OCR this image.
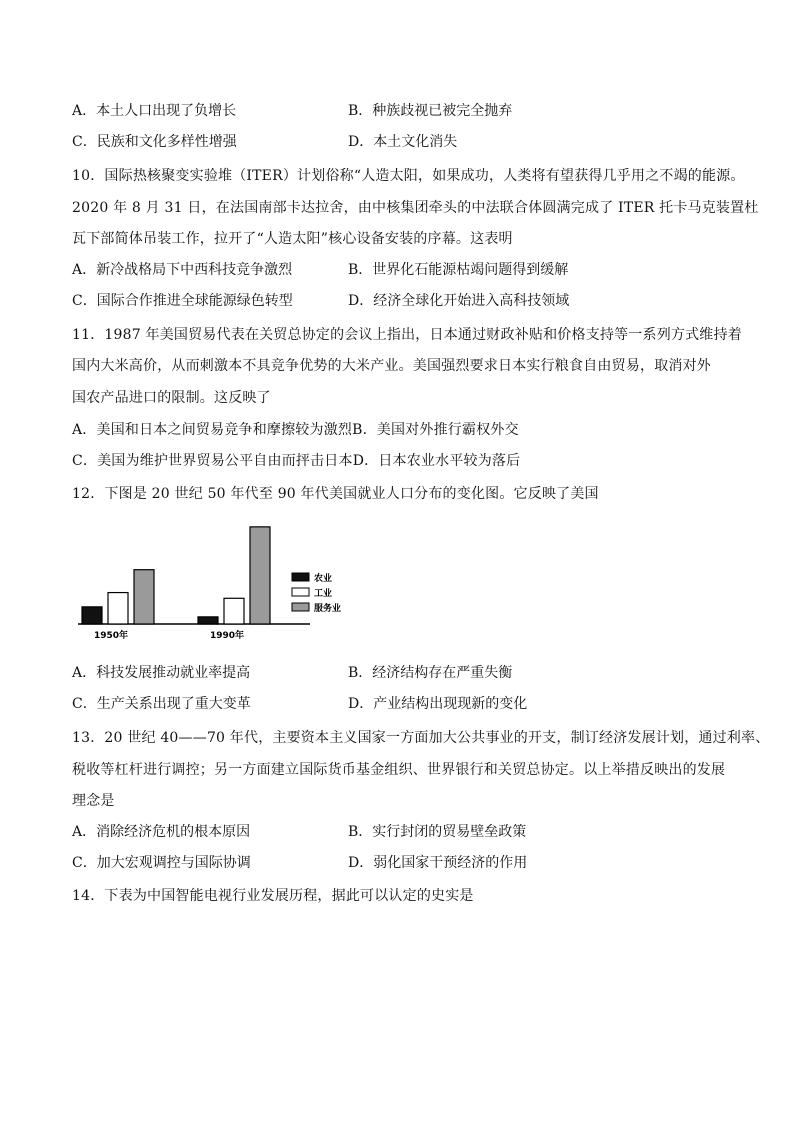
A．本土人口出现了负增长	B．种族歧视已被完全抛弃
C．民族和文化多样性增强	D．本土文化消失
10．国际热核聚变实验堆（ITER）计划俗称“人造太阳，如果成功，人类将有望获得几乎用之不竭的能源。
2020 年 8 月 31 日，在法国南部卡达拉舍，由中核集团牵头的中法联合体圆满完成了 ITER 托卡马克装置杜
瓦下部简体吊装工作，拉开了“人造太阳”核心设备安装的序幕。这表明
A．新冷战格局下中西科技竞争激烈	B．世界化石能源枯竭问题得到缓解
C．国际合作推进全球能源绿色转型	D．经济全球化开始进入高科技领域
11．1987 年美国贸易代表在关贸总协定的会议上指出，日本通过财政补贴和价格支持等一系列方式维持着
国内大米高价，从而刺激本不具竞争优势的大米产业。美国强烈要求日本实行粮食自由贸易，取消对外
国农产品进口的限制。这反映了
A．美国和日本之间贸易竞争和摩擦较为激烈B．美国对外推行霸权外交
C．美国为维护世界贸易公平自由而抨击日本D．日本农业水平较为落后
12．下图是 20 世纪 50 年代至 90 年代美国就业人口分布的变化图。它反映了美国
1950年	1990年
农业
工业
服务业
A．科技发展推动就业率提高	B．经济结构存在严重失衡
C．生产关系出现了重大变革	D．产业结构出现现新的变化
13．20 世纪 40——70 年代，主要资本主义国家一方面加大公共事业的开支，制订经济发展计划，通过利率、
税收等杠杆进行调控；另一方面建立国际货币基金组织、世界银行和关贸总协定。以上举措反映出的发展
理念是
A．消除经济危机的根本原因	B．实行封闭的贸易壁垒政策
C．加大宏观调控与国际协调	D．弱化国家干预经济的作用
14．下表为中国智能电视行业发展历程，据此可以认定的史实是
